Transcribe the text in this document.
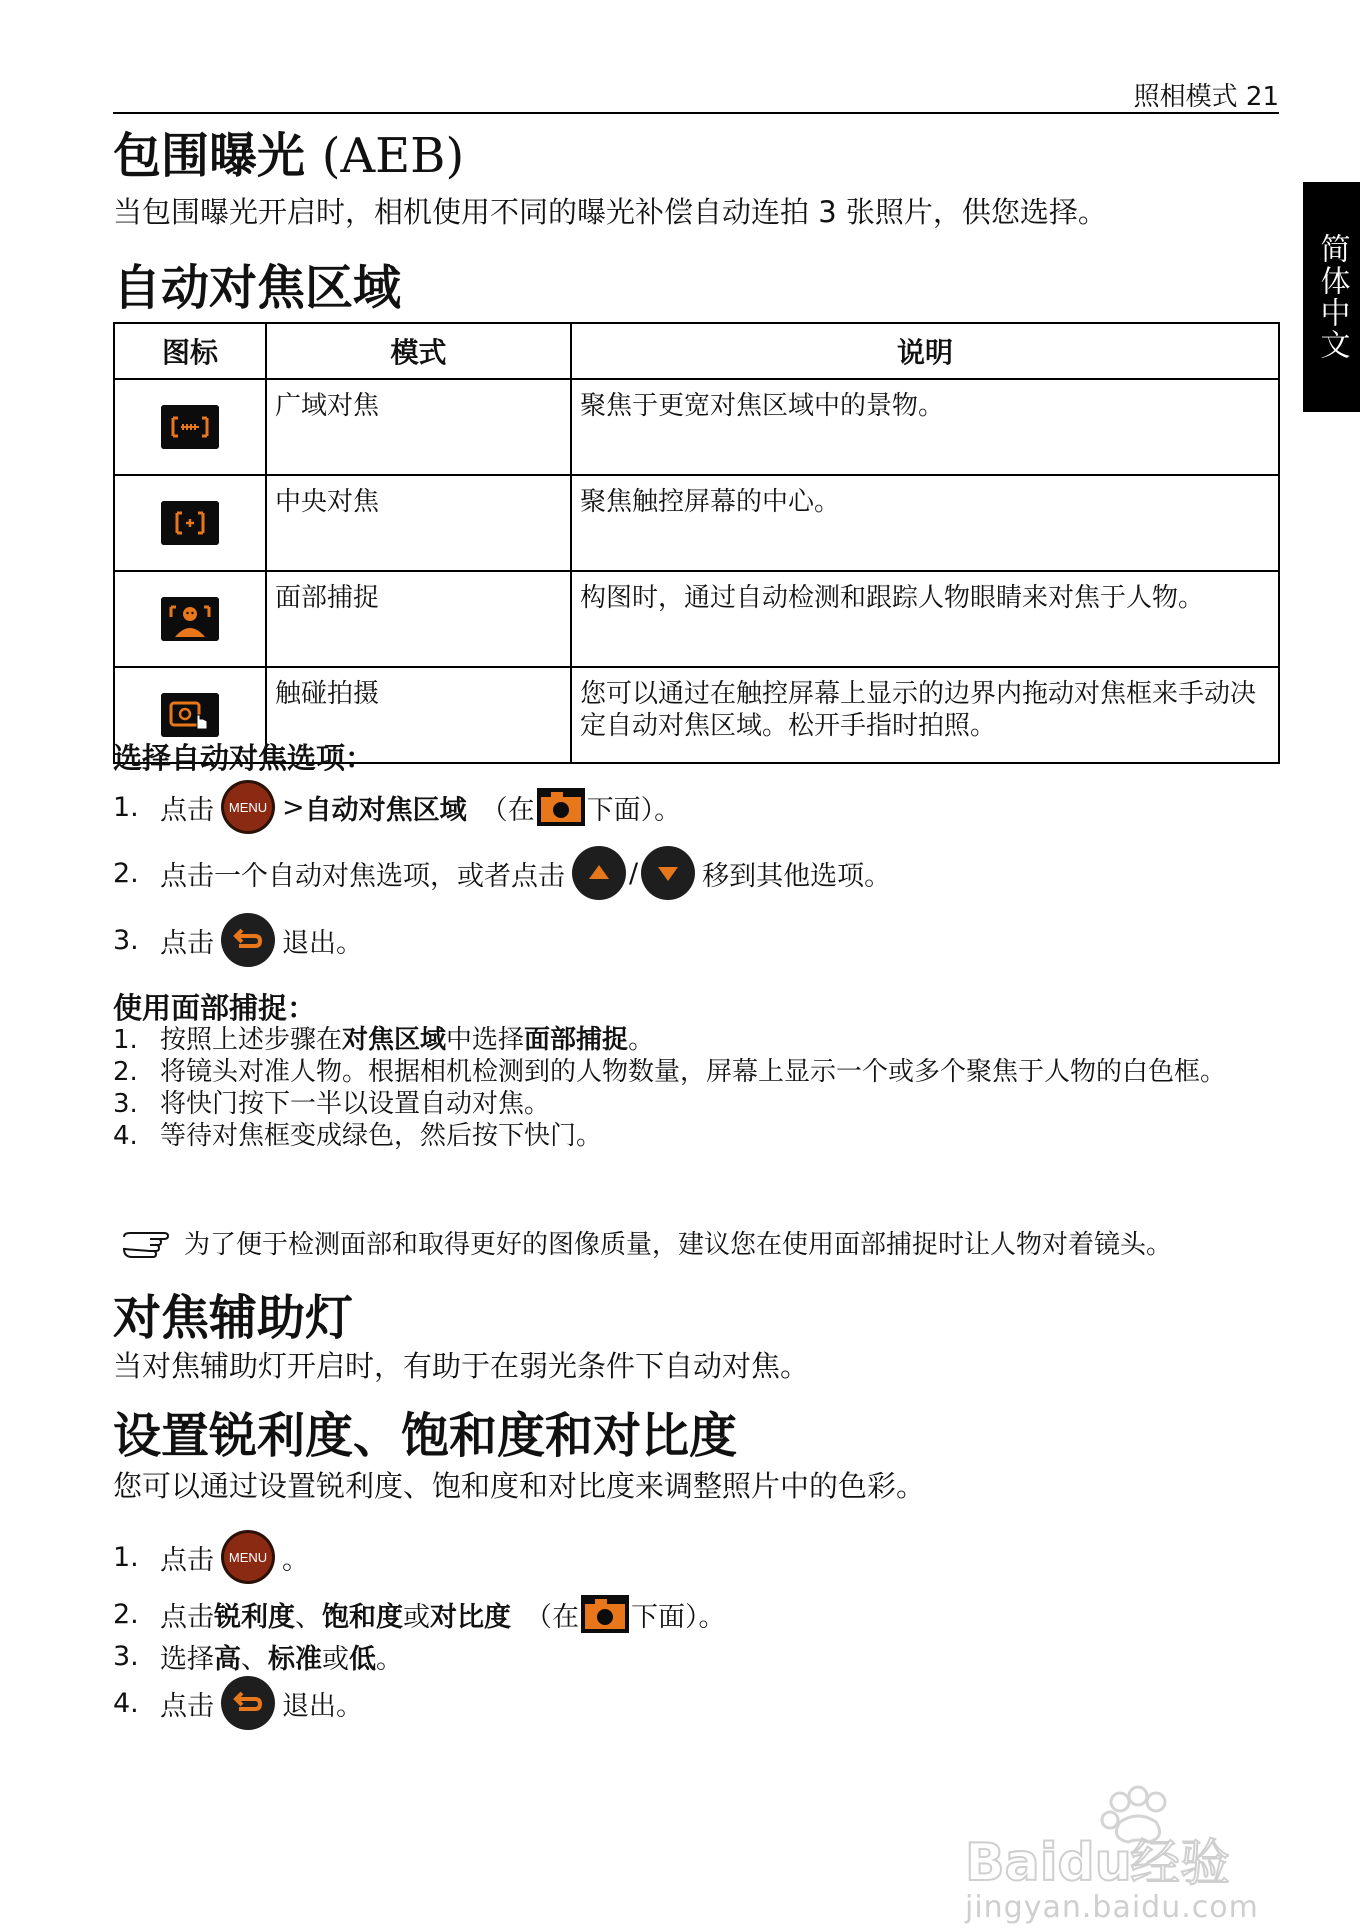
照相模式 21
简体中文
包围曝光 (AEB)

当包围曝光开启时，相机使用不同的曝光补偿自动连拍 3 张照片，供您选择。

自动对焦区域
图标	模式	说明
	广域对焦	聚焦于更宽对焦区域中的景物。
	中央对焦	聚焦触控屏幕的中心。
	面部捕捉	构图时，通过自动检测和跟踪人物眼睛来对焦于人物。
	触碰拍摄	您可以通过在触控屏幕上显示的边界内拖动对焦框来手动决定自动对焦区域。松开手指时拍照。

选择自动对焦选项：

1. 点击 MENU > 自动对焦区域 （在 下面）。
2. 点击一个自动对焦选项，或者点击 / 移到其他选项。
3. 点击	退出。

使用面部捕捉：

1. 按照上述步骤在对焦区域中选择面部捕捉。
2. 将镜头对准人物。根据相机检测到的人物数量，屏幕上显示一个或多个聚焦于人物的白色框。
3. 将快门按下一半以设置自动对焦。
4. 等待对焦框变成绿色，然后按下快门。
为了便于检测面部和取得更好的图像质量，建议您在使用面部捕捉时让人物对着镜头。
对焦辅助灯

当对焦辅助灯开启时，有助于在弱光条件下自动对焦。

设置锐利度、饱和度和对比度

您可以通过设置锐利度、饱和度和对比度来调整照片中的色彩。

1. 点击 MENU 。
2. 点击 锐利度 、 饱和度 或 对比度 （在 下面）。
3. 选择 高 、 标准 或 低 。
4. 点击	退出。
Baidu
经验
jingyan.baidu.com
